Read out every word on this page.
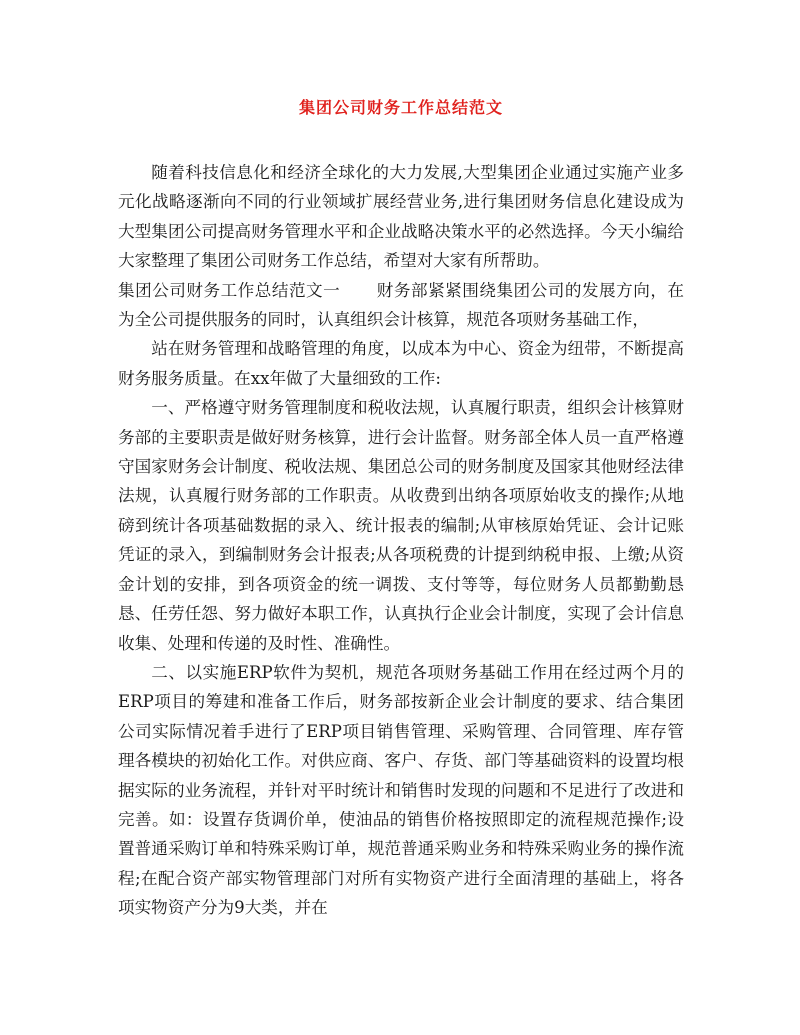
集团公司财务工作总结范文

随着科技信息化和经济全球化的大力发展,大型集团企业通过实施产业多元化战略逐渐向不同的行业领域扩展经营业务,进行集团财务信息化建设成为大型集团公司提高财务管理水平和企业战略决策水平的必然选择。今天小编给大家整理了集团公司财务工作总结，希望对大家有所帮助。

集团公司财务工作总结范文一 财务部紧紧围绕集团公司的发展方向，在为全公司提供服务的同时，认真组织会计核算，规范各项财务基础工作，

站在财务管理和战略管理的角度，以成本为中心、资金为纽带，不断提高财务服务质量。在xx年做了大量细致的工作:

一、严格遵守财务管理制度和税收法规，认真履行职责，组织会计核算财务部的主要职责是做好财务核算，进行会计监督。财务部全体人员一直严格遵守国家财务会计制度、税收法规、集团总公司的财务制度及国家其他财经法律法规，认真履行财务部的工作职责。从收费到出纳各项原始收支的操作;从地磅到统计各项基础数据的录入、统计报表的编制;从审核原始凭证、会计记账凭证的录入，到编制财务会计报表;从各项税费的计提到纳税申报、上缴;从资金计划的安排，到各项资金的统一调拨、支付等等，每位财务人员都勤勤恳恳、任劳任怨、努力做好本职工作，认真执行企业会计制度，实现了会计信息收集、处理和传递的及时性、准确性。

二、以实施ERP软件为契机，规范各项财务基础工作用在经过两个月的ERP项目的筹建和准备工作后，财务部按新企业会计制度的要求、结合集团公司实际情况着手进行了ERP项目销售管理、采购管理、合同管理、库存管理各模块的初始化工作。对供应商、客户、存货、部门等基础资料的设置均根据实际的业务流程，并针对平时统计和销售时发现的问题和不足进行了改进和完善。如：设置存货调价单，使油品的销售价格按照即定的流程规范操作;设置普通采购订单和特殊采购订单，规范普通采购业务和特殊采购业务的操作流程;在配合资产部实物管理部门对所有实物资产进行全面清理的基础上，将各项实物资产分为9大类，并在
